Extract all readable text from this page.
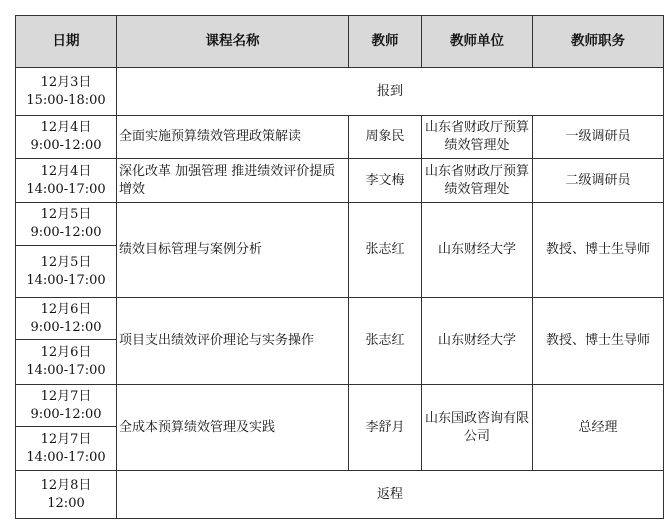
日期	课程名称	教师	教师单位	教师职务

12月3日
15:00-18:00	报到			

12月4日
9:00-12:00	全面实施预算绩效管理政策解读	周象民	山东省财政厅预算绩效管理处	一级调研员

12月4日
14:00-17:00	深化改革 加强管理 推进绩效评价提质增效	李文梅	山东省财政厅预算绩效管理处	二级调研员

12月5日
9:00-12:00	绩效目标管理与案例分析	张志红	山东财经大学	教授、博士生导师

12月5日
14:00-17:00				

12月6日
9:00-12:00	项目支出绩效评价理论与实务操作	张志红	山东财经大学	教授、博士生导师

12月6日
14:00-17:00				

12月7日
9:00-12:00	全成本预算绩效管理及实践	李舒月	山东国政咨询有限公司	总经理

12月7日
14:00-17:00				

12月8日
12:00	返程			
